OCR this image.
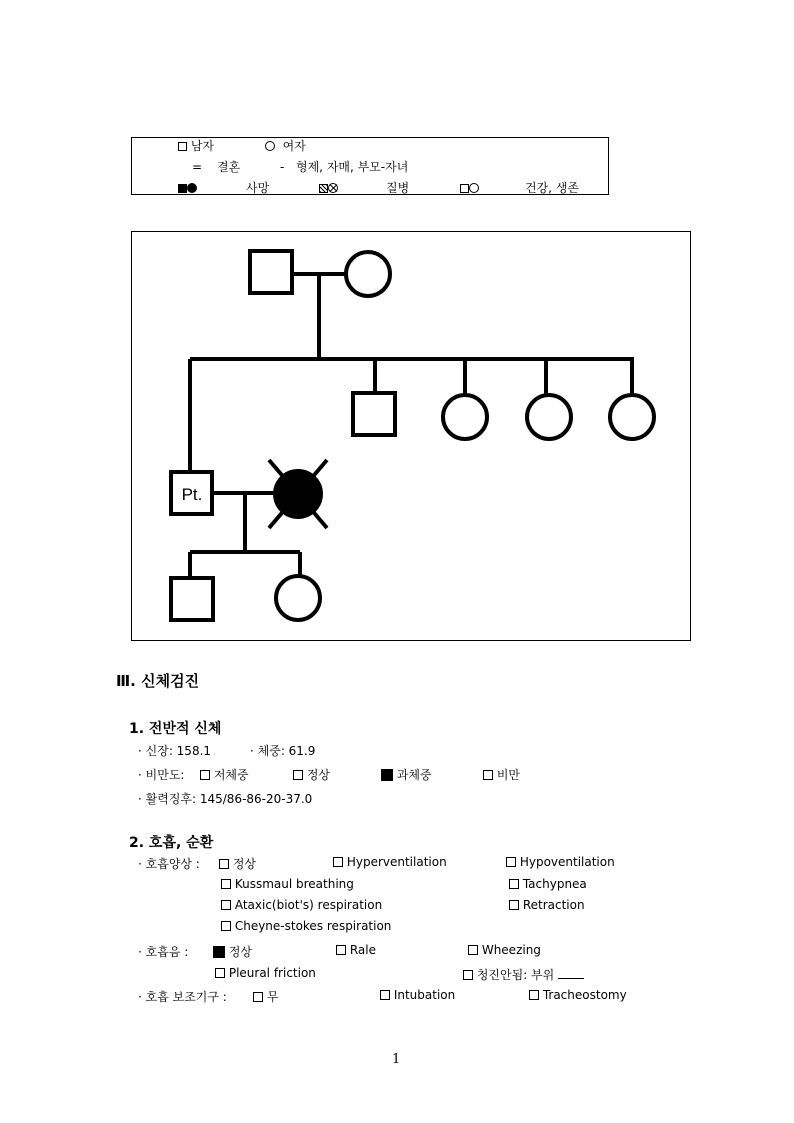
남자	여자
= 결혼	- 형제, 자매, 부모-자녀
사망	질병	건강, 생존
Pt.
Ⅲ. 신체검진
1. 전반적 신체
· 신장: 158.1	· 체중: 61.9
· 비만도:	저체중	정상	과체중	비만
· 활력징후: 145/86-86-20-37.0
2. 호흡, 순환
· 호흡양상 :	정상	Hyperventilation	Hypoventilation
Kussmaul breathing	Tachypnea
Ataxic(biot's) respiration	Retraction
Cheyne-stokes respiration
· 호흡음 :	정상	Rale	Wheezing
Pleural friction	청진안됨: 부위
· 호흡 보조기구 :	무	Intubation	Tracheostomy
1
